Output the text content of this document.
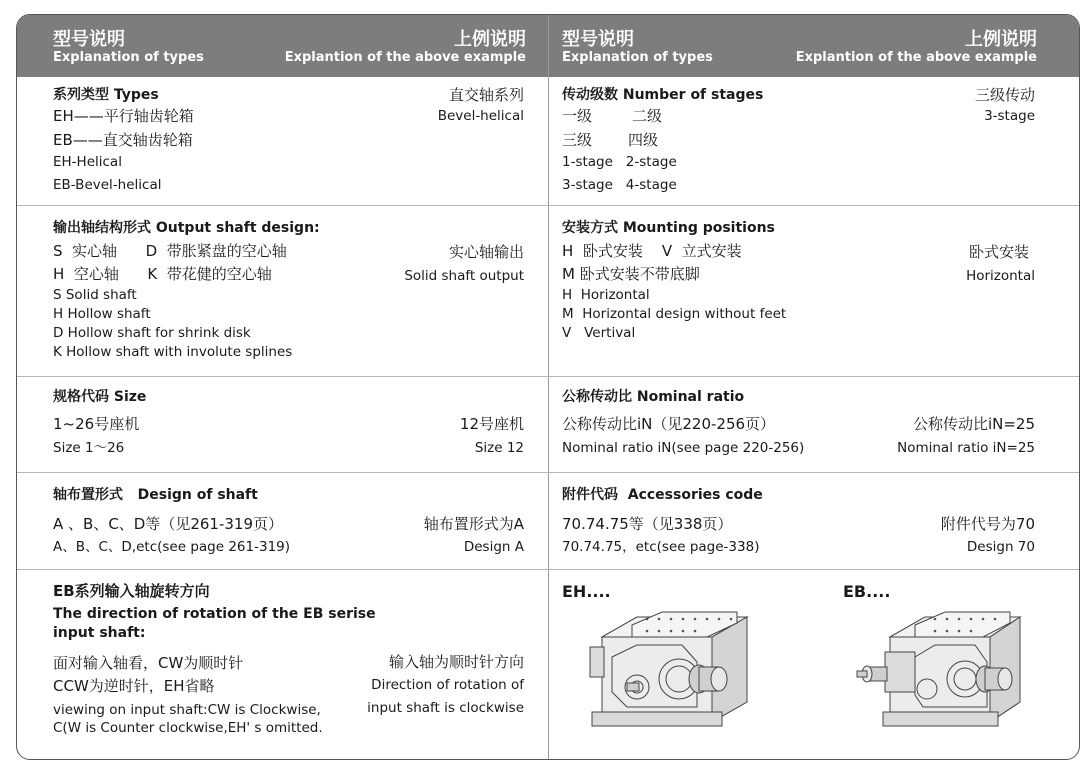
型号说明
Explanation of types
上例说明
Explantion of the above example
型号说明
Explanation of types
上例说明
Explantion of the above example
系列类型 Types
EH——平行轴齿轮箱
EB——直交轴齿轮箱
EH-Helical
EB-Bevel-helical
直交轴系列
Bevel-helical
传动级数 Number of stages
一级	二级
三级 四级
1-stage   2-stage
3-stage   4-stage
三级传动
3-stage
输出轴结构形式 Output shaft design:
S  实心轴      D  带胀紧盘的空心轴
H  空心轴      K  带花健的空心轴
S Solid shaft
H Hollow shaft
D Hollow shaft for shrink disk
K Hollow shaft with involute splines
实心轴输出
Solid shaft output
安装方式 Mounting positions
H  卧式安装    V  立式安装
M 卧式安装不带底脚
H  Horizontal
M  Horizontal design without feet
V   Vertival
卧式安装
Horizontal
规格代码 Size
1~26号座机
Size 1～26
12号座机
Size 12
公称传动比 Nominal ratio
公称传动比iN（见220-256页）
Nominal ratio iN(see page 220-256)
公称传动比iN=25
Nominal ratio iN=25
轴布置形式   Design of shaft
A 、B、C、D等（见261-319页）
A、B、C、D,etc(see page 261-319)
轴布置形式为A
Design A
附件代码  Accessories code
70.74.75等（见338页）
70.74.75，etc(see page-338)
附件代号为70
Design 70
EB系列输入轴旋转方向
The direction of rotation of the EB serise
input shaft:
面对输入轴看，CW为顺时针
CCW为逆时针，EH省略
viewing on input shaft:CW is Clockwise,
C(W is Counter clockwise,EH' s omitted.
输入轴为顺时针方向
Direction of rotation of
input shaft is clockwise
EH....	EB....
